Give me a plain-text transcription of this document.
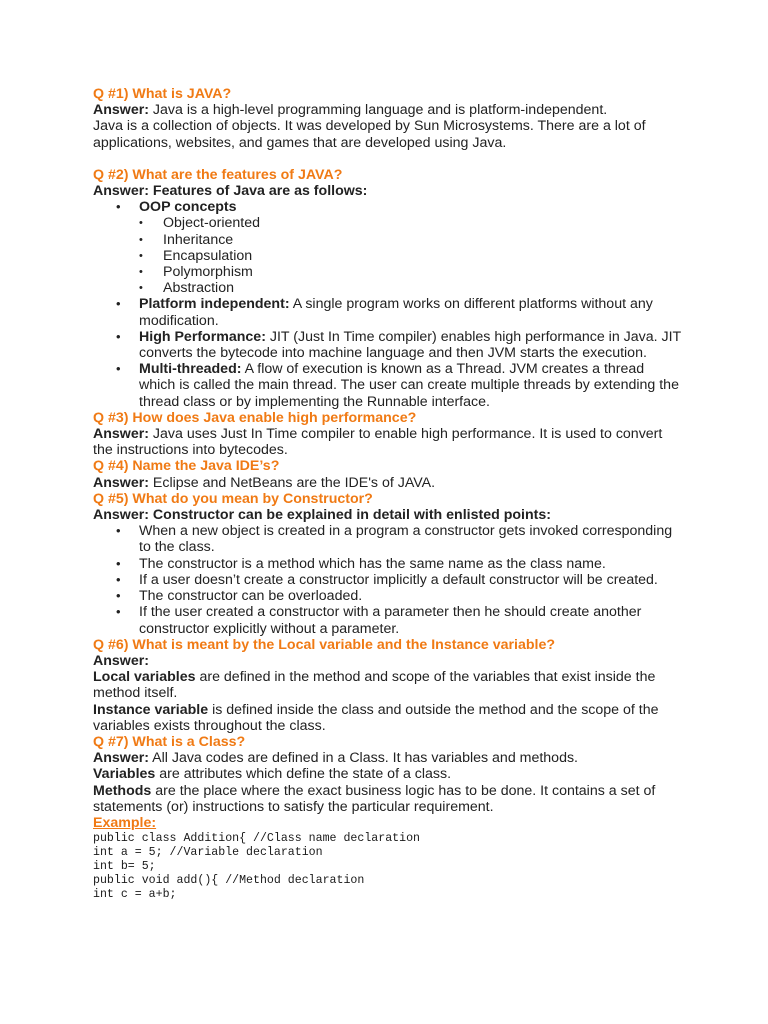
Q #1) What is JAVA?

Answer: Java is a high-level programming language and is platform-independent.

Java is a collection of objects. It was developed by Sun Microsystems. There are a lot of applications, websites, and games that are developed using Java.

Q #2) What are the features of JAVA?

Answer: Features of Java are as follows:

• OOP concepts
• Object-oriented
• Inheritance
• Encapsulation
• Polymorphism
• Abstraction
• Platform independent: A single program works on different platforms without any modification.
• High Performance: JIT (Just In Time compiler) enables high performance in Java. JIT converts the bytecode into machine language and then JVM starts the execution.
• Multi-threaded: A flow of execution is known as a Thread. JVM creates a thread which is called the main thread. The user can create multiple threads by extending the thread class or by implementing the Runnable interface.

Q #3) How does Java enable high performance?

Answer: Java uses Just In Time compiler to enable high performance. It is used to convert the instructions into bytecodes.

Q #4) Name the Java IDE’s?

Answer: Eclipse and NetBeans are the IDE's of JAVA.

Q #5) What do you mean by Constructor?

Answer: Constructor can be explained in detail with enlisted points:

• When a new object is created in a program a constructor gets invoked corresponding to the class.
• The constructor is a method which has the same name as the class name.
• If a user doesn’t create a constructor implicitly a default constructor will be created.
• The constructor can be overloaded.
• If the user created a constructor with a parameter then he should create another constructor explicitly without a parameter.

Q #6) What is meant by the Local variable and the Instance variable?

Answer:

Local variables are defined in the method and scope of the variables that exist inside the method itself.

Instance variable is defined inside the class and outside the method and the scope of the variables exists throughout the class.

Q #7) What is a Class?

Answer: All Java codes are defined in a Class. It has variables and methods.

Variables are attributes which define the state of a class.

Methods are the place where the exact business logic has to be done. It contains a set of statements (or) instructions to satisfy the particular requirement.

Example:

public class Addition{ //Class name declaration

int a = 5; //Variable declaration

int b= 5;

public void add(){ //Method declaration

int c = a+b;
